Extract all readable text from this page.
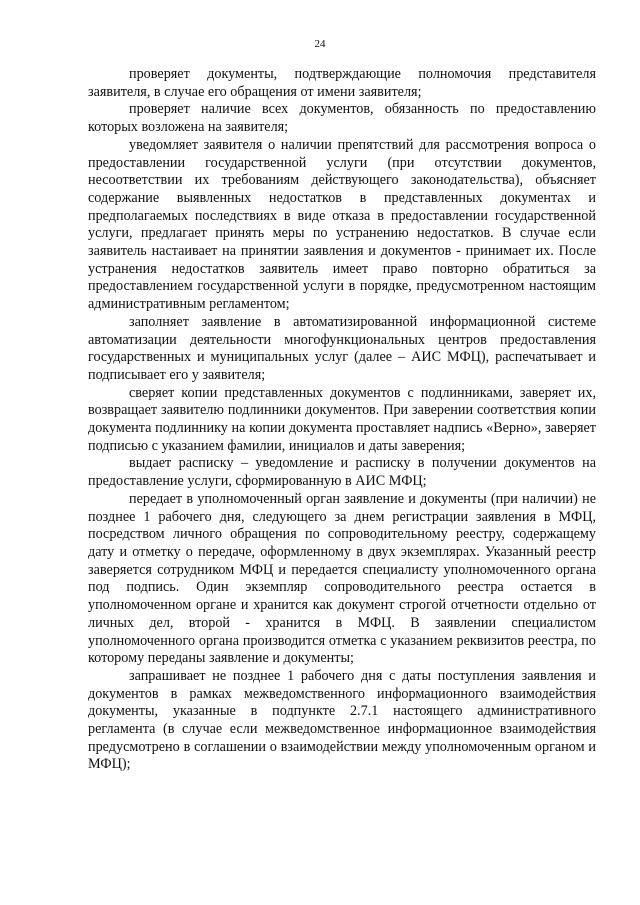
24

проверяет документы, подтверждающие полномочия представителя заявителя, в случае его обращения от имени заявителя;

проверяет наличие всех документов, обязанность по предоставлению которых возложена на заявителя;

уведомляет заявителя о наличии препятствий для рассмотрения вопроса о предоставлении государственной услуги (при отсутствии документов, несоответствии их требованиям действующего законодательства), объясняет содержание выявленных недостатков в представленных документах и предполагаемых последствиях в виде отказа в предоставлении государственной услуги, предлагает принять меры по устранению недостатков. В случае если заявитель настаивает на принятии заявления и документов - принимает их. После устранения недостатков заявитель имеет право повторно обратиться за предоставлением государственной услуги в порядке, предусмотренном настоящим административным регламентом;

заполняет заявление в автоматизированной информационной системе автоматизации деятельности многофункциональных центров предоставления государственных и муниципальных услуг (далее – АИС МФЦ), распечатывает и подписывает его у заявителя;

сверяет копии представленных документов с подлинниками, заверяет их, возвращает заявителю подлинники документов. При заверении соответствия копии документа подлиннику на копии документа проставляет надпись «Верно», заверяет подписью с указанием фамилии, инициалов и даты заверения;

выдает расписку – уведомление и расписку в получении документов на предоставление услуги, сформированную в АИС МФЦ;

передает в уполномоченный орган заявление и документы (при наличии) не позднее 1 рабочего дня, следующего за днем регистрации заявления в МФЦ, посредством личного обращения по сопроводительному реестру, содержащему дату и отметку о передаче, оформленному в двух экземплярах. Указанный реестр заверяется сотрудником МФЦ и передается специалисту уполномоченного органа под подпись. Один экземпляр сопроводительного реестра остается в уполномоченном органе и хранится как документ строгой отчетности отдельно от личных дел, второй - хранится в МФЦ. В заявлении специалистом уполномоченного органа производится отметка с указанием реквизитов реестра, по которому переданы заявление и документы;

запрашивает не позднее 1 рабочего дня с даты поступления заявления и документов в рамках межведомственного информационного взаимодействия документы, указанные в подпункте 2.7.1 настоящего административного регламента (в случае если межведомственное информационное взаимодействия предусмотрено в соглашении о взаимодействии между уполномоченным органом и МФЦ);
